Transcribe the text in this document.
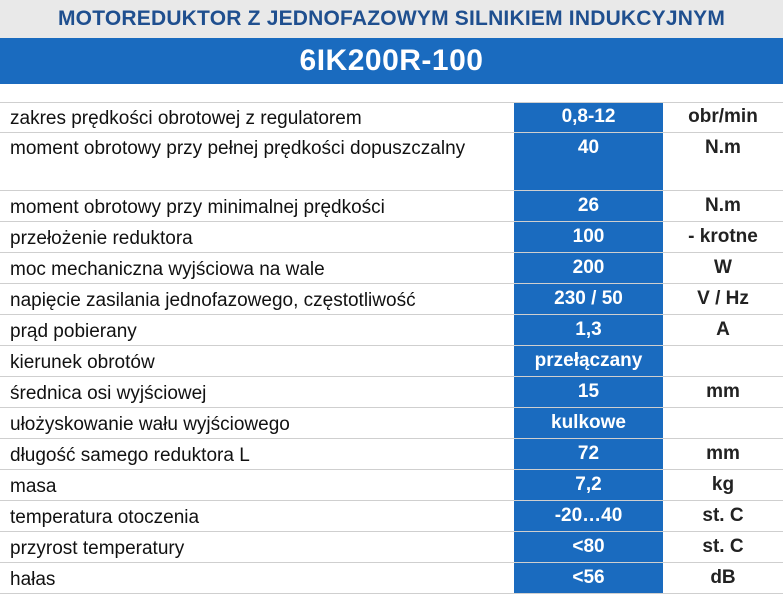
MOTOREDUKTOR Z JEDNOFAZOWYM SILNIKIEM INDUKCYJNYM
6IK200R-100
zakres prędkości obrotowej z regulatorem	0,8-12	obr/min
moment obrotowy przy pełnej prędkości dopuszczalny	40	N.m
moment obrotowy przy minimalnej prędkości	26	N.m
przełożenie reduktora	100	- krotne
moc mechaniczna wyjściowa na wale	200	W
napięcie zasilania jednofazowego, częstotliwość	230 / 50	V / Hz
prąd pobierany	1,3	A
kierunek obrotów	przełączany
średnica osi wyjściowej	15	mm
ułożyskowanie wału wyjściowego	kulkowe
długość samego reduktora L	72	mm
masa	7,2	kg
temperatura otoczenia	-20…40	st. C
przyrost temperatury	<80	st. C
hałas	<56	dB
